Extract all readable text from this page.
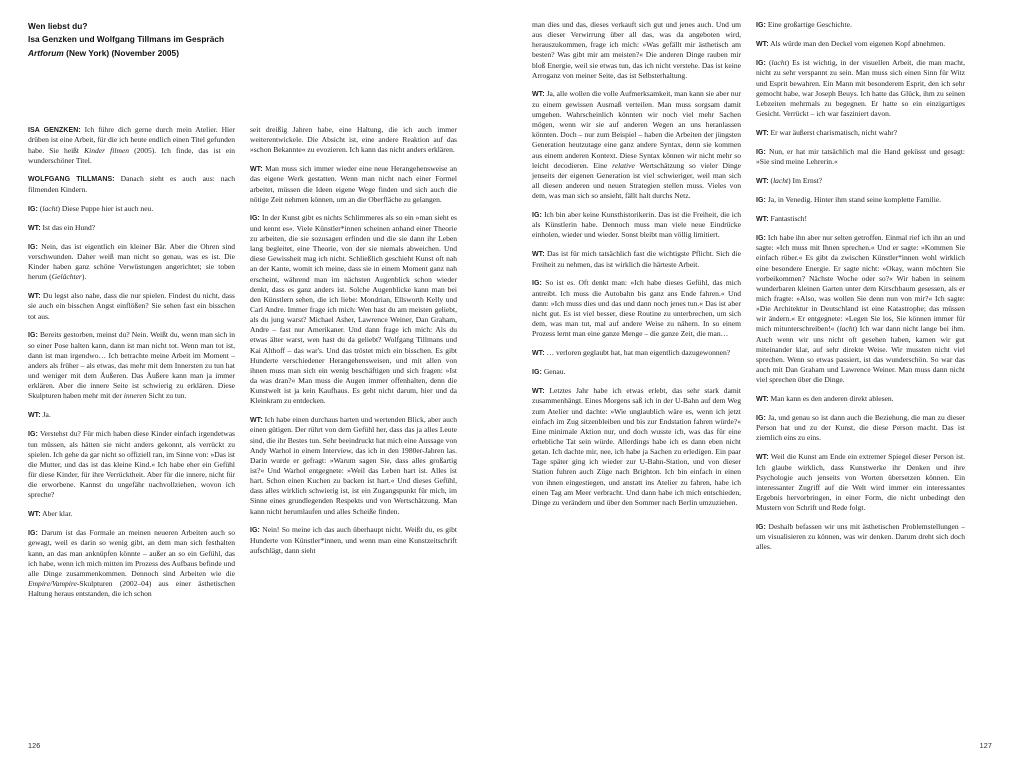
Wen liebst du?
Isa Genzken und Wolfgang Tillmans im Gespräch
Artforum (New York) (November 2005)

ISA GENZKEN: Ich führe dich gerne durch mein Atelier. Hier drüben ist eine Arbeit, für die ich heute endlich einen Titel gefunden habe. Sie heißt Kinder filmen (2005). Ich finde, das ist ein wunderschöner Titel.

WOLFGANG TILLMANS: Danach sieht es auch aus: nach filmenden Kindern.

IG: (lacht) Diese Puppe hier ist auch neu.

WT: Ist das ein Hund?

IG: Nein, das ist eigentlich ein kleiner Bär. Aber die Ohren sind verschwunden. Daher weiß man nicht so genau, was es ist. Die Kinder haben ganz schöne Verwüstungen angerichtet; sie toben herum (Gelächter).

WT: Du legst also nahe, dass die nur spielen. Findest du nicht, dass sie auch ein bisschen Angst einflößen? Sie sehen fast ein bisschen tot aus.

IG: Bereits gestorben, meinst du? Nein. Weißt du, wenn man sich in so einer Pose halten kann, dann ist man nicht tot. Wenn man tot ist, dann ist man irgendwo… Ich betrachte meine Arbeit im Moment – anders als früher – als etwas, das mehr mit dem Innersten zu tun hat und weniger mit dem Äußeren. Das Äußere kann man ja immer erklären. Aber die innere Seite ist schwierig zu erklären. Diese Skulpturen haben mehr mit der inneren Sicht zu tun.

WT: Ja.

IG: Verstehst du? Für mich haben diese Kinder einfach irgendetwas tun müssen, als hätten sie nicht anders gekonnt, als verrückt zu spielen. Ich gehe da gar nicht so offiziell ran, im Sinne von: »Das ist die Mutter, und das ist das kleine Kind.« Ich habe eher ein Gefühl für diese Kinder, für ihre Verrücktheit. Aber für die innere, nicht für die erworbene. Kannst du ungefähr nachvollziehen, wovon ich spreche?

WT: Aber klar.

IG: Darum ist das Formale an meinen neueren Arbeiten auch so gewagt, weil es darin so wenig gibt, an dem man sich festhalten kann, an das man anknüpfen könnte – außer an so ein Gefühl, das ich habe, wenn ich mich mitten im Prozess des Aufbaus befinde und alle Dinge zusammenkommen. Dennoch sind Arbeiten wie die Empire/Vampire-Skulpturen (2002–04) aus einer ästhetischen Haltung heraus entstanden, die ich schon

seit dreißig Jahren habe, eine Haltung, die ich auch immer weiterentwickele. Die Absicht ist, eine andere Reaktion auf das »schon Bekannte« zu evozieren. Ich kann das nicht anders erklären.

WT: Man muss sich immer wieder eine neue Herangehensweise an das eigene Werk gestatten. Wenn man nicht nach einer Formel arbeitet, müssen die Ideen eigene Wege finden und sich auch die nötige Zeit nehmen können, um an die Oberfläche zu gelangen.

IG: In der Kunst gibt es nichts Schlimmeres als so ein »man sieht es und kennt es«. Viele Künstler*innen scheinen anhand einer Theorie zu arbeiten, die sie sozusagen erfinden und die sie dann ihr Leben lang begleitet, eine Theorie, von der sie niemals abweichen. Und diese Gewissheit mag ich nicht. Schließlich geschieht Kunst oft nah an der Kante, womit ich meine, dass sie in einem Moment ganz nah erscheint, während man im nächsten Augenblick schon wieder denkt, dass es ganz anders ist. Solche Augenblicke kann man bei den Künstlern sehen, die ich liebe: Mondrian, Ellsworth Kelly und Carl Andre. Immer frage ich mich: Wen hast du am meisten geliebt, als du jung warst? Michael Asher, Lawrence Weiner, Dan Graham, Andre – fast nur Amerikaner. Und dann frage ich mich: Als du etwas älter warst, wen hast du da geliebt? Wolfgang Tillmans und Kai Althoff – das war's. Und das tröstet mich ein bisschen. Es gibt Hunderte verschiedener Herangehensweisen, und mit allen von ihnen muss man sich ein wenig beschäftigen und sich fragen: »Ist da was dran?« Man muss die Augen immer offenhalten, denn die Kunstwelt ist ja kein Kaufhaus. Es geht nicht darum, hier und da Kleinkram zu entdecken.

WT: Ich habe einen durchaus harten und wertenden Blick, aber auch einen gütigen. Der rührt von dem Gefühl her, dass das ja alles Leute sind, die ihr Bestes tun. Sehr beeindruckt hat mich eine Aussage von Andy Warhol in einem Interview, das ich in den 1980er-Jahren las. Darin wurde er gefragt: »Warum sagen Sie, dass alles großartig ist?« Und Warhol entgegnete: »Weil das Leben hart ist. Alles ist hart. Schon einen Kuchen zu backen ist hart.« Und dieses Gefühl, dass alles wirklich schwierig ist, ist ein Zugangspunkt für mich, im Sinne eines grundlegenden Respekts und von Wertschätzung. Man kann nicht herumlaufen und alles Scheiße finden.

IG: Nein! So meine ich das auch überhaupt nicht. Weißt du, es gibt Hunderte von Künstler*innen, und wenn man eine Kunstzeitschrift aufschlägt, dann sieht

126

man dies und das, dieses verkauft sich gut und jenes auch. Und um aus dieser Verwirrung über all das, was da angeboten wird, herauszukommen, frage ich mich: »Was gefällt mir ästhetisch am besten? Was gibt mir am meisten?« Die anderen Dinge rauben mir bloß Energie, weil sie etwas tun, das ich nicht verstehe. Das ist keine Arroganz von meiner Seite, das ist Selbsterhaltung.

WT: Ja, alle wollen die volle Aufmerksamkeit, man kann sie aber nur zu einem gewissen Ausmaß verteilen. Man muss sorgsam damit umgehen. Wahrscheinlich könnten wir noch viel mehr Sachen mögen, wenn wir sie auf anderen Wegen an uns heranlassen könnten. Doch – nur zum Beispiel – haben die Arbeiten der jüngsten Generation heutzutage eine ganz andere Syntax, denn sie kommen aus einem anderen Kontext. Diese Syntax können wir nicht mehr so leicht decodieren. Eine relative Wertschätzung so vieler Dinge jenseits der eigenen Generation ist viel schwieriger, weil man sich all diesen anderen und neuen Strategien stellen muss. Vieles von dem, was man sich so ansieht, fällt halt durchs Netz.

IG: Ich bin aber keine Kunsthistorikerin. Das ist die Freiheit, die ich als Künstlerin habe. Dennoch muss man viele neue Eindrücke einholen, wieder und wieder. Sonst bleibt man völlig limitiert.

WT: Das ist für mich tatsächlich fast die wichtigste Pflicht. Sich die Freiheit zu nehmen, das ist wirklich die härteste Arbeit.

IG: So ist es. Oft denkt man: »Ich habe dieses Gefühl, das mich antreibt. Ich muss die Autobahn bis ganz ans Ende fahren.« Und dann: »Ich muss dies und das und dann noch jenes tun.« Das ist aber nicht gut. Es ist viel besser, diese Routine zu unterbrechen, um sich dem, was man tut, mal auf andere Weise zu nähern. In so einem Prozess lernt man eine ganze Menge – die ganze Zeit, die man…

WT: … verloren geglaubt hat, hat man eigentlich dazugewonnen?

IG: Genau.

WT: Letztes Jahr habe ich etwas erlebt, das sehr stark damit zusammenhängt. Eines Morgens saß ich in der U-Bahn auf dem Weg zum Atelier und dachte: »Wie unglaublich wäre es, wenn ich jetzt einfach im Zug sitzenbleiben und bis zur Endstation fahren würde?« Eine minimale Aktion nur, und doch wusste ich, was das für eine erhebliche Tat sein würde. Allerdings habe ich es dann eben nicht getan. Ich dachte mir, nee, ich habe ja Sachen zu erledigen. Ein paar Tage später ging ich wieder zur U-Bahn-Station, und von dieser Station fuhren auch Züge nach Brighton. Ich bin einfach in einen von ihnen eingestiegen, und anstatt ins Atelier zu fahren, habe ich einen Tag am Meer verbracht. Und dann habe ich mich entschieden, Dinge zu verändern und über den Sommer nach Berlin umzuziehen.

IG: Eine großartige Geschichte.

WT: Als würde man den Deckel vom eigenen Kopf abnehmen.

IG: (lacht) Es ist wichtig, in der visuellen Arbeit, die man macht, nicht zu sehr verspannt zu sein. Man muss sich einen Sinn für Witz und Esprit bewahren. Ein Mann mit besonderem Esprit, den ich sehr gemocht habe, war Joseph Beuys. Ich hatte das Glück, ihm zu seinen Lebzeiten mehrmals zu begegnen. Er hatte so ein einzigartiges Gesicht. Verrückt – ich war fasziniert davon.

WT: Er war äußerst charismatisch, nicht wahr?

IG: Nun, er hat mir tatsächlich mal die Hand geküsst und gesagt: »Sie sind meine Lehrerin.«

WT: (lacht) Im Ernst?

IG: Ja, in Venedig. Hinter ihm stand seine komplette Familie.

WT: Fantastisch!

IG: Ich habe ihn aber nur selten getroffen. Einmal rief ich ihn an und sagte: »Ich muss mit Ihnen sprechen.« Und er sagte: »Kommen Sie einfach rüber.« Es gibt da zwischen Künstler*innen wohl wirklich eine besondere Energie. Er sagte nicht: »Okay, wann möchten Sie vorbeikommen? Nächste Woche oder so?« Wir haben in seinem wunderbaren kleinen Garten unter dem Kirschbaum gesessen, als er mich fragte: »Also, was wollen Sie denn nun von mir?« Ich sagte: »Die Architektur in Deutschland ist eine Katastrophe; das müssen wir ändern.« Er entgegnete: »Legen Sie los, Sie können immer für mich mitunterschreiben!« (lacht) Ich war dann nicht lange bei ihm. Auch wenn wir uns nicht oft gesehen haben, kamen wir gut miteinander klar, auf sehr direkte Weise. Wir mussten nicht viel sprechen. Wenn so etwas passiert, ist das wunderschön. So war das auch mit Dan Graham und Lawrence Weiner. Man muss dann nicht viel sprechen über die Dinge.

WT: Man kann es den anderen direkt ablesen.

IG: Ja, und genau so ist dann auch die Beziehung, die man zu dieser Person hat und zu der Kunst, die diese Person macht. Das ist ziemlich eins zu eins.

WT: Weil die Kunst am Ende ein extremer Spiegel dieser Person ist. Ich glaube wirklich, dass Kunstwerke ihr Denken und ihre Psychologie auch jenseits von Worten übersetzen können. Ein interessanter Zugriff auf die Welt wird immer ein interessantes Ergebnis hervorbringen, in einer Form, die nicht unbedingt den Mustern von Schrift und Rede folgt.

IG: Deshalb befassen wir uns mit ästhetischen Problemstellungen – um visualisieren zu können, was wir denken. Darum dreht sich doch alles.

127
